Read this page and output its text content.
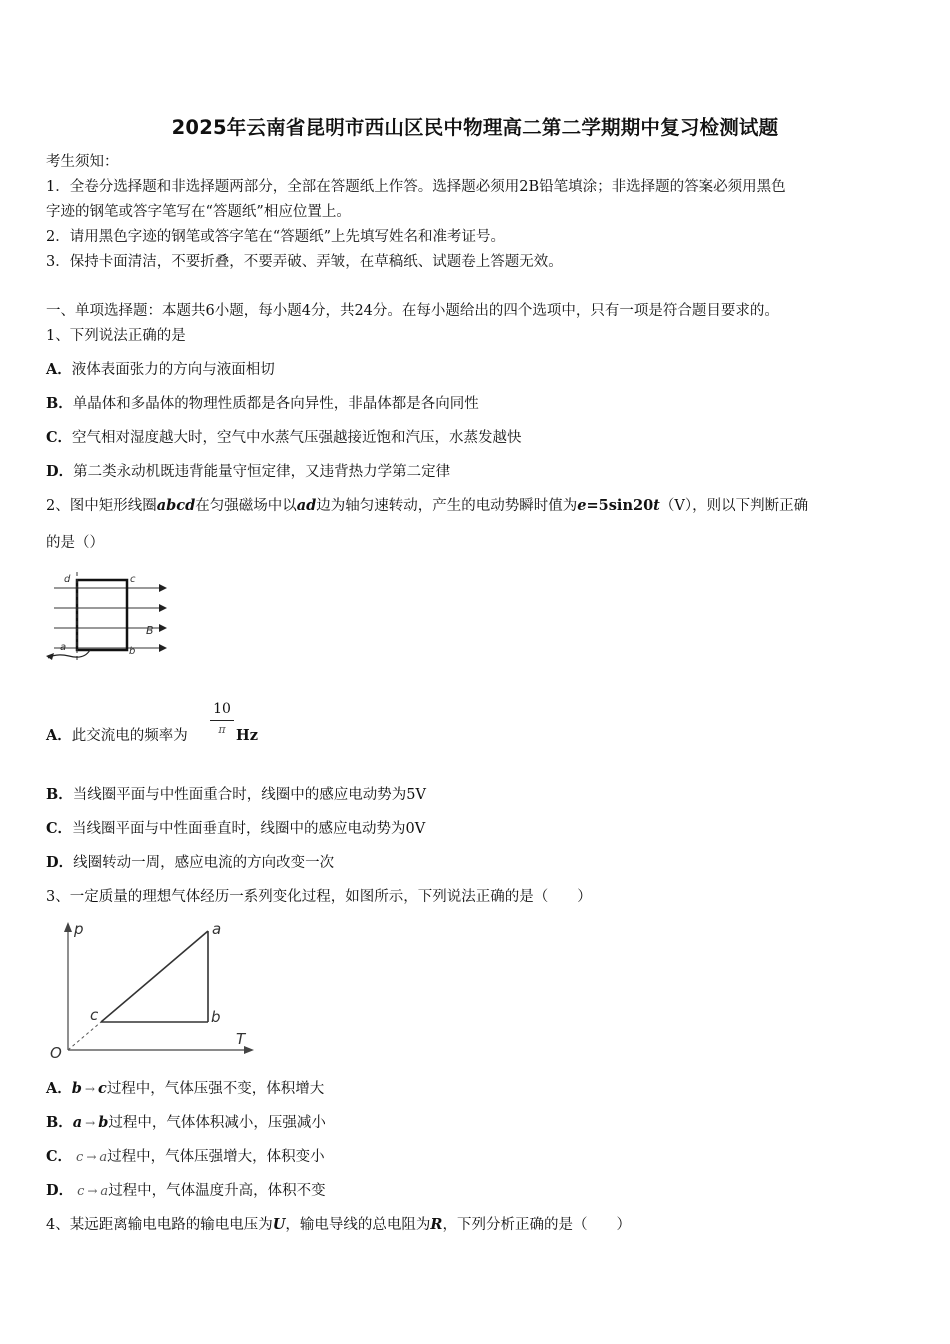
2025年云南省昆明市西山区民中物理高二第二学期期中复习检测试题
考生须知：
1．全卷分选择题和非选择题两部分，全部在答题纸上作答。选择题必须用2B铅笔填涂；非选择题的答案必须用黑色
字迹的钢笔或答字笔写在“答题纸”相应位置上。
2．请用黑色字迹的钢笔或答字笔在“答题纸”上先填写姓名和准考证号。
3．保持卡面清洁，不要折叠，不要弄破、弄皱，在草稿纸、试题卷上答题无效。
一、单项选择题：本题共6小题，每小题4分，共24分。在每小题给出的四个选项中，只有一项是符合题目要求的。
1、下列说法正确的是
A．液体表面张力的方向与液面相切
B．单晶体和多晶体的物理性质都是各向异性，非晶体都是各向同性
C．空气相对湿度越大时，空气中水蒸气压强越接近饱和汽压，水蒸发越快
D．第二类永动机既违背能量守恒定律，又违背热力学第二定律
2、图中矩形线圈abcd在匀强磁场中以ad边为轴匀速转动，产生的电动势瞬时值为e=5sin20t（V），则以下判断正确
的是（）
d	c
a	b
B
A．此交流电的频率为
10
π Hz
B．当线圈平面与中性面重合时，线圈中的感应电动势为5V
C．当线圈平面与中性面垂直时，线圈中的感应电动势为0V
D．线圈转动一周，感应电流的方向改变一次
3、一定质量的理想气体经历一系列变化过程，如图所示，下列说法正确的是（　　）
p
T
O
a
b
c
A．b → c过程中，气体压强不变，体积增大
B．a → b过程中，气体体积减小，压强减小
C． c → a过程中，气体压强增大，体积变小
D． c → a过程中，气体温度升高，体积不变
4、某远距离输电电路的输电电压为U，输电导线的总电阻为R，下列分析正确的是（　　）
